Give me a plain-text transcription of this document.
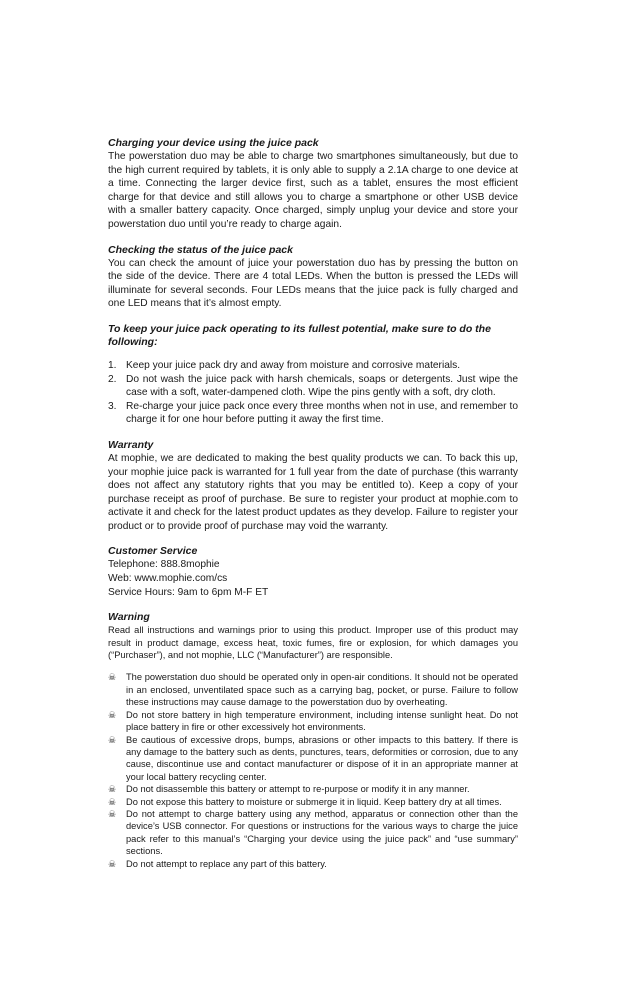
Charging your device using the juice pack

The powerstation duo may be able to charge two smartphones simultaneously, but due to the high current required by tablets, it is only able to supply a 2.1A charge to one device at a time. Connecting the larger device first, such as a tablet, ensures the most efficient charge for that device and still allows you to charge a smartphone or other USB device with a smaller battery capacity. Once charged, simply unplug your device and store your powerstation duo until you’re ready to charge again.

Checking the status of the juice pack

You can check the amount of juice your powerstation duo has by pressing the button on the side of the device. There are 4 total LEDs. When the button is pressed the LEDs will illuminate for several seconds. Four LEDs means that the juice pack is fully charged and one LED means that it’s almost empty.

To keep your juice pack operating to its fullest potential, make sure to do the following:

1. Keep your juice pack dry and away from moisture and corrosive materials.
2. Do not wash the juice pack with harsh chemicals, soaps or detergents. Just wipe the case with a soft, water-dampened cloth. Wipe the pins gently with a soft, dry cloth.
3. Re-charge your juice pack once every three months when not in use, and remember to charge it for one hour before putting it away the first time.

Warranty

At mophie, we are dedicated to making the best quality products we can. To back this up, your mophie juice pack is warranted for 1 full year from the date of purchase (this warranty does not affect any statutory rights that you may be entitled to). Keep a copy of your purchase receipt as proof of purchase. Be sure to register your product at mophie.com to activate it and check for the latest product updates as they develop. Failure to register your product or to provide proof of purchase may void the warranty.

Customer Service

Telephone: 888.8mophie

Web: www.mophie.com/cs

Service Hours: 9am to 6pm M-F ET

Warning

Read all instructions and warnings prior to using this product. Improper use of this product may result in product damage, excess heat, toxic fumes, fire or explosion, for which damages you (“Purchaser”), and not mophie, LLC (“Manufacturer”) are responsible.

☠ The powerstation duo should be operated only in open-air conditions. It should not be operated in an enclosed, unventilated space such as a carrying bag, pocket, or purse. Failure to follow these instructions may cause damage to the powerstation duo by overheating.
☠ Do not store battery in high temperature environment, including intense sunlight heat. Do not place battery in fire or other excessively hot environments.
☠ Be cautious of excessive drops, bumps, abrasions or other impacts to this battery. If there is any damage to the battery such as dents, punctures, tears, deformities or corrosion, due to any cause, discontinue use and contact manufacturer or dispose of it in an appropriate manner at your local battery recycling center.
☠ Do not disassemble this battery or attempt to re-purpose or modify it in any manner.
☠ Do not expose this battery to moisture or submerge it in liquid. Keep battery dry at all times.
☠ Do not attempt to charge battery using any method, apparatus or connection other than the device’s USB connector. For questions or instructions for the various ways to charge the juice pack refer to this manual’s “Charging your device using the juice pack” and “use summary” sections.
☠ Do not attempt to replace any part of this battery.
